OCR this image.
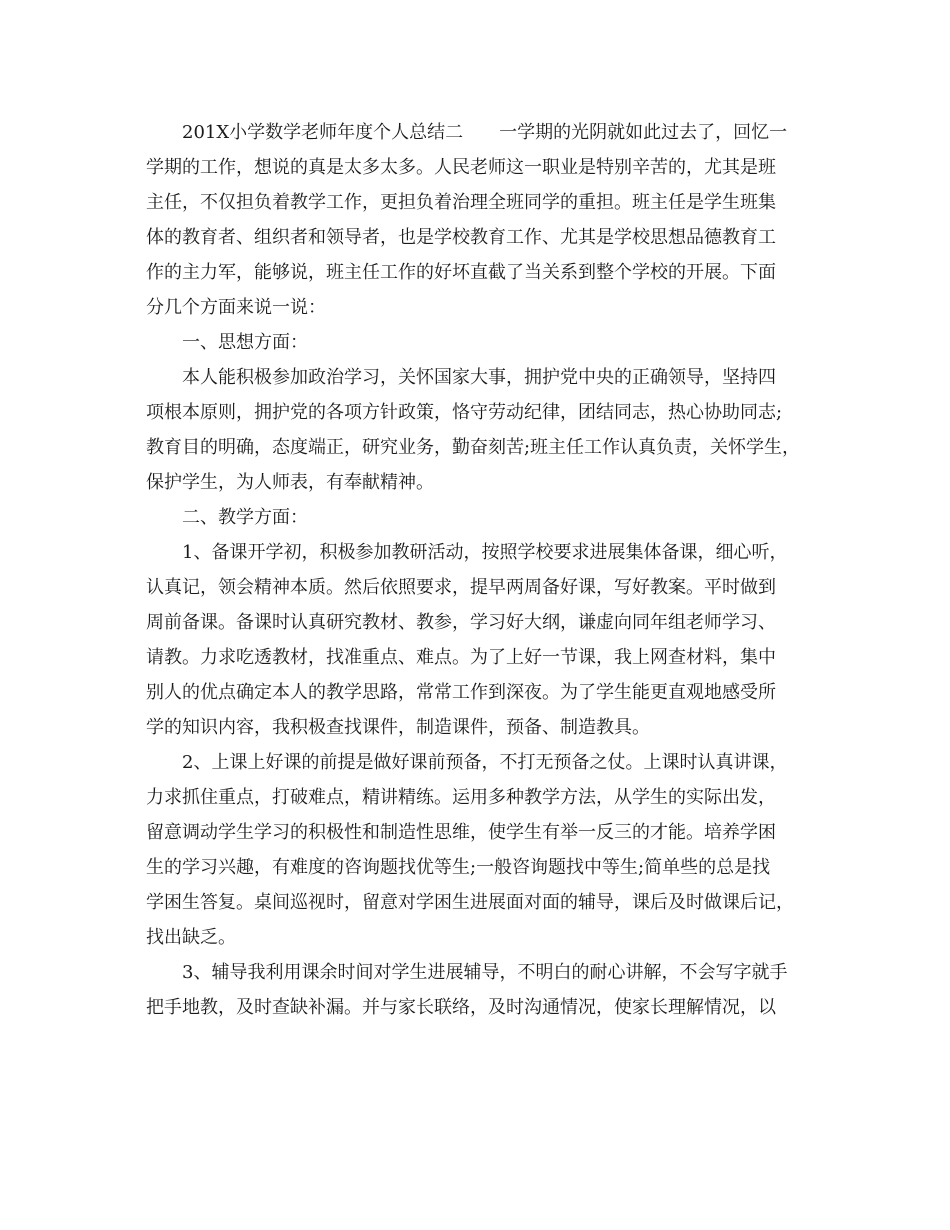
201X小学数学老师年度个人总结二　　一学期的光阴就如此过去了，回忆一
学期的工作，想说的真是太多太多。人民老师这一职业是特别辛苦的，尤其是班
主任，不仅担负着教学工作，更担负着治理全班同学的重担。班主任是学生班集
体的教育者、组织者和领导者，也是学校教育工作、尤其是学校思想品德教育工
作的主力军，能够说，班主任工作的好坏直截了当关系到整个学校的开展。下面
分几个方面来说一说：
一、思想方面：
本人能积极参加政治学习，关怀国家大事，拥护党中央的正确领导，坚持四
项根本原则，拥护党的各项方针政策，恪守劳动纪律，团结同志，热心协助同志;
教育目的明确，态度端正，研究业务，勤奋刻苦;班主任工作认真负责，关怀学生，
保护学生，为人师表，有奉献精神。
二、教学方面：
1、备课开学初，积极参加教研活动，按照学校要求进展集体备课，细心听，
认真记，领会精神本质。然后依照要求，提早两周备好课，写好教案。平时做到
周前备课。备课时认真研究教材、教参，学习好大纲，谦虚向同年组老师学习、
请教。力求吃透教材，找准重点、难点。为了上好一节课，我上网查材料，集中
别人的优点确定本人的教学思路，常常工作到深夜。为了学生能更直观地感受所
学的知识内容，我积极查找课件，制造课件，预备、制造教具。
2、上课上好课的前提是做好课前预备，不打无预备之仗。上课时认真讲课，
力求抓住重点，打破难点，精讲精练。运用多种教学方法，从学生的实际出发，
留意调动学生学习的积极性和制造性思维，使学生有举一反三的才能。培养学困
生的学习兴趣，有难度的咨询题找优等生;一般咨询题找中等生;简单些的总是找
学困生答复。桌间巡视时，留意对学困生进展面对面的辅导，课后及时做课后记，
找出缺乏。
3、辅导我利用课余时间对学生进展辅导，不明白的耐心讲解，不会写字就手
把手地教，及时查缺补漏。并与家长联络，及时沟通情况，使家长理解情况，以
